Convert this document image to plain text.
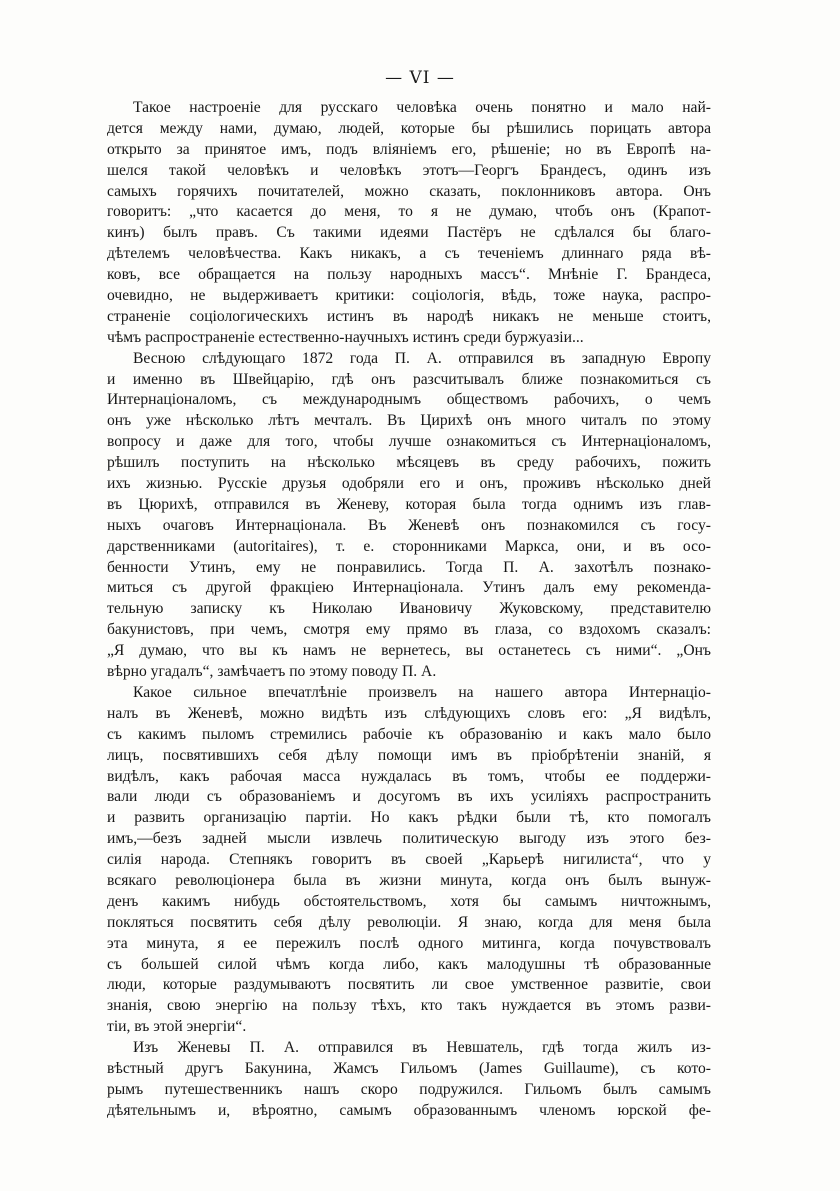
— VI —

Такое настроеніе для русскаго человѣка очень понятно и мало най-
дется между нами, думаю, людей, которые бы рѣшились порицать автора
открыто за принятое имъ, подъ вліяніемъ его, рѣшеніе; но въ Европѣ на-
шелся такой человѣкъ и человѣкъ этотъ—Георгъ Брандесъ, одинъ изъ
самыхъ горячихъ почитателей, можно сказать, поклонниковъ автора. Онъ
говоритъ: „что касается до меня, то я не думаю, чтобъ онъ (Крапот-
кинъ) былъ правъ. Съ такими идеями Пастёръ не сдѣлался бы благо-
дѣтелемъ человѣчества. Какъ никакъ, а съ теченіемъ длиннаго ряда вѣ-
ковъ, все обращается на пользу народныхъ массъ“. Мнѣніе Г. Брандеса,
очевидно, не выдерживаетъ критики: соціологія, вѣдь, тоже наука, распро-
страненіе соціологическихъ истинъ въ народѣ никакъ не меньше стоитъ,
чѣмъ распространеніе естественно-научныхъ истинъ среди буржуазіи...

Весною слѣдующаго 1872 года П. А. отправился въ западную Европу
и именно въ Швейцарію, гдѣ онъ разсчитывалъ ближе познакомиться съ
Интернаціоналомъ, съ международнымъ обществомъ рабочихъ, о чемъ
онъ уже нѣсколько лѣтъ мечталъ. Въ Цирихѣ онъ много читалъ по этому
вопросу и даже для того, чтобы лучше ознакомиться съ Интернаціоналомъ,
рѣшилъ поступить на нѣсколько мѣсяцевъ въ среду рабочихъ, пожить
ихъ жизнью. Русскіе друзья одобряли его и онъ, проживъ нѣсколько дней
въ Цюрихѣ, отправился въ Женеву, которая была тогда однимъ изъ глав-
ныхъ очаговъ Интернаціонала. Въ Женевѣ онъ познакомился съ госу-
дарственниками (autoritaires), т. е. сторонниками Маркса, они, и въ осо-
бенности Утинъ, ему не понравились. Тогда П. А. захотѣлъ познако-
миться съ другой фракціею Интернаціонала. Утинъ далъ ему рекоменда-
тельную записку къ Николаю Ивановичу Жуковскому, представителю
бакунистовъ, при чемъ, смотря ему прямо въ глаза, со вздохомъ сказалъ:
„Я думаю, что вы къ намъ не вернетесь, вы останетесь съ ними“. „Онъ
вѣрно угадалъ“, замѣчаетъ по этому поводу П. А.

Какое сильное впечатлѣніе произвелъ на нашего автора Интернаціо-
налъ въ Женевѣ, можно видѣть изъ слѣдующихъ словъ его: „Я видѣлъ,
съ какимъ пыломъ стремились рабочіе къ образованію и какъ мало было
лицъ, посвятившихъ себя дѣлу помощи имъ въ пріобрѣтеніи знаній, я
видѣлъ, какъ рабочая масса нуждалась въ томъ, чтобы ее поддержи-
вали люди съ образованіемъ и досугомъ въ ихъ усиліяхъ распространить
и развить организацію партіи. Но какъ рѣдки были тѣ, кто помогалъ
имъ,—безъ задней мысли извлечь политическую выгоду изъ этого без-
силія народа. Степнякъ говоритъ въ своей „Карьерѣ нигилиста“, что у
всякаго революціонера была въ жизни минута, когда онъ былъ вынуж-
денъ какимъ нибудь обстоятельствомъ, хотя бы самымъ ничтожнымъ,
покляться посвятить себя дѣлу революціи. Я знаю, когда для меня была
эта минута, я ее пережилъ послѣ одного митинга, когда почувствовалъ
съ большей силой чѣмъ когда либо, какъ малодушны тѣ образованные
люди, которые раздумываютъ посвятить ли свое умственное развитіе, свои
знанія, свою энергію на пользу тѣхъ, кто такъ нуждается въ этомъ разви-
тіи, въ этой энергіи“.

Изъ Женевы П. А. отправился въ Невшатель, гдѣ тогда жилъ из-
вѣстный другъ Бакунина, Жамсъ Гильомъ (James Guillaume), съ кото-
рымъ путешественникъ нашъ скоро подружился. Гильомъ былъ самымъ
дѣятельнымъ и, вѣроятно, самымъ образованнымъ членомъ юрской фе-
